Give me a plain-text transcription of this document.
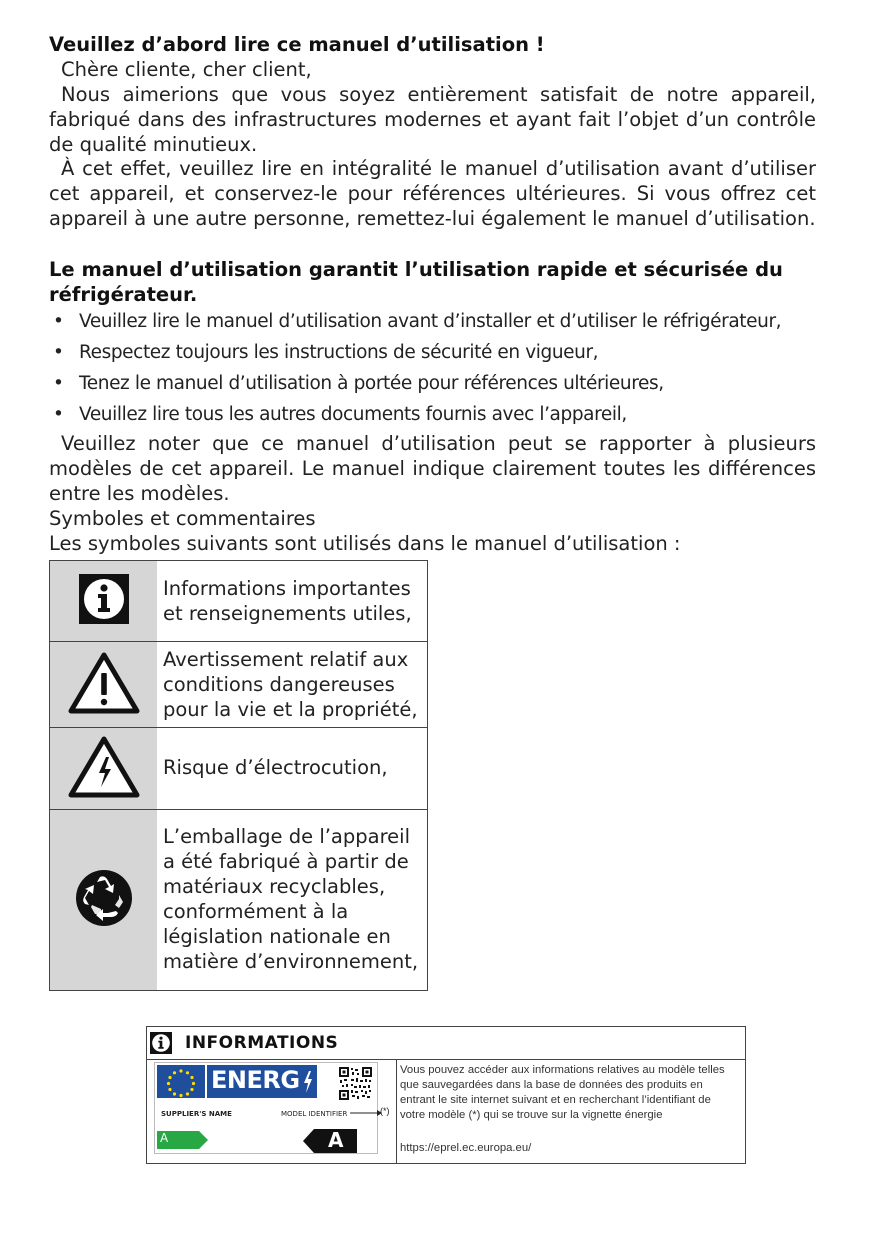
Veuillez d’abord lire ce manuel d’utilisation !
Chère cliente, cher client,
Nous aimerions que vous soyez entièrement satisfait de notre appareil, fabriqué dans des infrastructures modernes et ayant fait l’objet d’un contrôle de qualité minutieux.
À cet effet, veuillez lire en intégralité le manuel d’utilisation avant d’utiliser cet appareil, et conservez-le pour références ultérieures. Si vous offrez cet appareil à une autre personne, remettez-lui également le manuel d’utilisation.
Le manuel d’utilisation garantit l’utilisation rapide et sécurisée du
réfrigérateur.
• Veuillez lire le manuel d’utilisation avant d’installer et d’utiliser le réfrigérateur,
• Respectez toujours les instructions de sécurité en vigueur,
• Tenez le manuel d’utilisation à portée pour références ultérieures,
• Veuillez lire tous les autres documents fournis avec l’appareil,
Veuillez noter que ce manuel d’utilisation peut se rapporter à plusieurs modèles de cet appareil. Le manuel indique clairement toutes les différences entre les modèles.
Symboles et commentaires
Les symboles suivants sont utilisés dans le manuel d’utilisation :
Informations importantes et renseignements utiles,
Avertissement relatif aux conditions dangereuses pour la vie et la propriété,
Risque d’électrocution,
L’emballage de l’appareil a été fabriqué à partir de matériaux recyclables, conformément à la législation nationale en matière d’environnement,
INFORMATIONS
ENERG
SUPPLIER'S NAME	MODEL IDENTIFIER
A	A
(*)
Vous pouvez accéder aux informations relatives au modèle telles que sauvegardées dans la base de données des produits en entrant le site internet suivant et en recherchant l’identifiant de votre modèle (*) qui se trouve sur la vignette énergie
https://eprel.ec.europa.eu/
